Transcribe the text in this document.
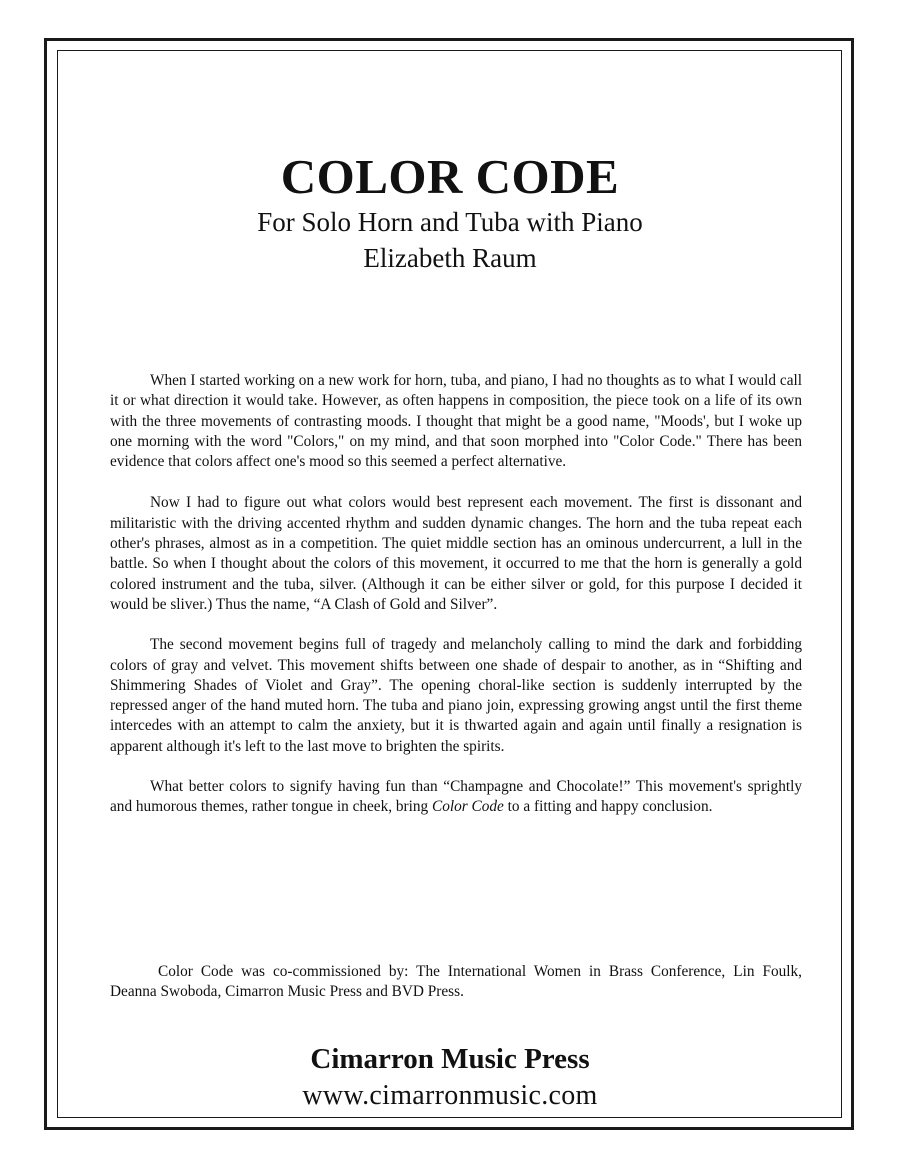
COLOR CODE
For Solo Horn and Tuba with Piano
Elizabeth Raum

When I started working on a new work for horn, tuba, and piano, I had no thoughts as to what I would call it or what direction it would take. However, as often happens in composition, the piece took on a life of its own with the three movements of contrasting moods. I thought that might be a good name, "Moods', but I woke up one morning with the word "Colors," on my mind, and that soon morphed into "Color Code." There has been evidence that colors affect one's mood so this seemed a perfect alternative.

Now I had to figure out what colors would best represent each movement. The first is dissonant and militaristic with the driving accented rhythm and sudden dynamic changes. The horn and the tuba repeat each other's phrases, almost as in a competition. The quiet middle section has an ominous undercurrent, a lull in the battle. So when I thought about the colors of this movement, it occurred to me that the horn is generally a gold colored instrument and the tuba, silver. (Although it can be either silver or gold, for this purpose I decided it would be sliver.) Thus the name, “A Clash of Gold and Silver”.

The second movement begins full of tragedy and melancholy calling to mind the dark and forbidding colors of gray and velvet. This movement shifts between one shade of despair to another, as in “Shifting and Shimmering Shades of Violet and Gray”. The opening choral-like section is suddenly interrupted by the repressed anger of the hand muted horn. The tuba and piano join, expressing growing angst until the first theme intercedes with an attempt to calm the anxiety, but it is thwarted again and again until finally a resignation is apparent although it's left to the last move to brighten the spirits.

What better colors to signify having fun than “Champagne and Chocolate!” This movement's sprightly and humorous themes, rather tongue in cheek, bring Color Code to a fitting and happy conclusion.

Color Code was co-commissioned by: The International Women in Brass Conference, Lin Foulk, Deanna Swoboda, Cimarron Music Press and BVD Press.

Cimarron Music Press
www.cimarronmusic.com
